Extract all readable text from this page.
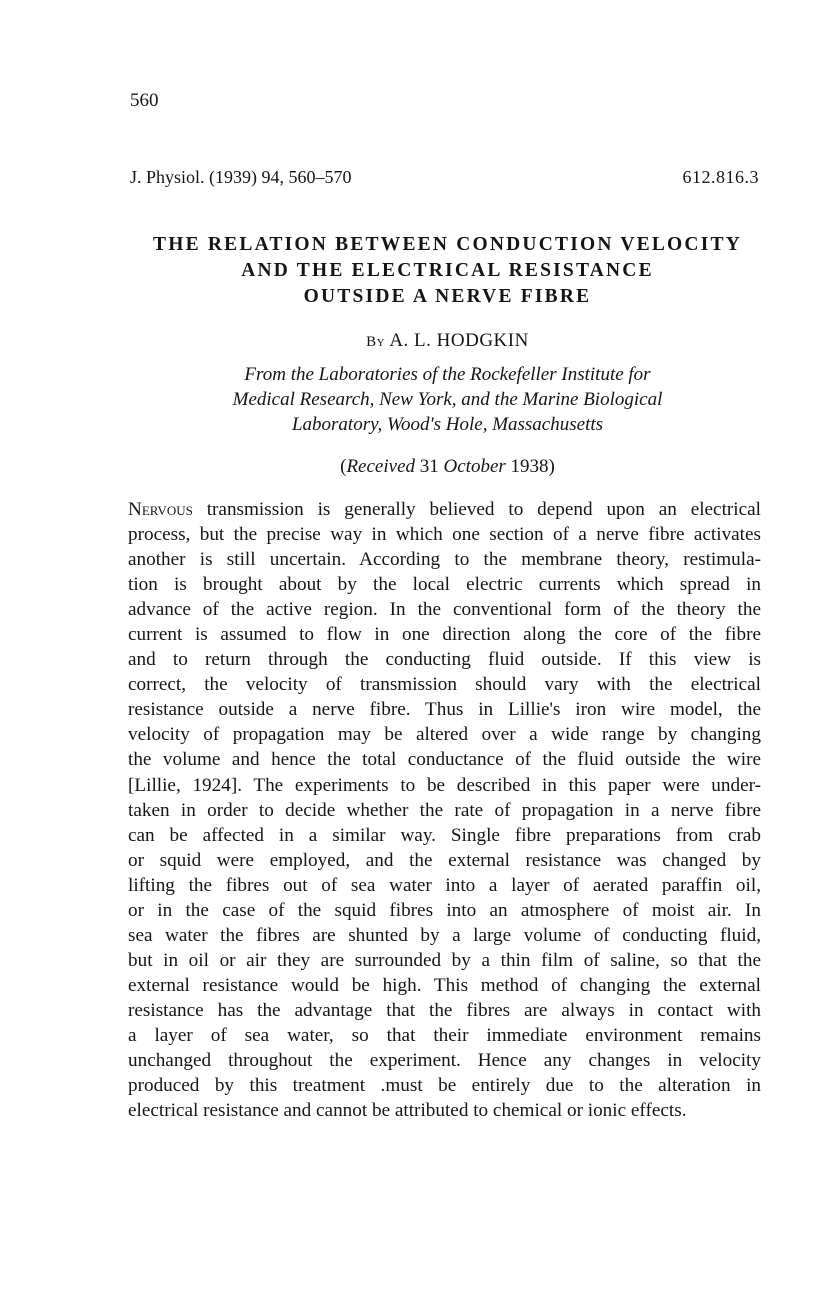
560
J. Physiol. (1939) 94, 560–570	612.816.3
THE RELATION BETWEEN CONDUCTION VELOCITY
AND THE ELECTRICAL RESISTANCE
OUTSIDE A NERVE FIBRE
By A. L. HODGKIN
From the Laboratories of the Rockefeller Institute for
Medical Research, New York, and the Marine Biological
Laboratory, Wood's Hole, Massachusetts
(Received 31 October 1938)
Nervous transmission is generally believed to depend upon an electrical
process, but the precise way in which one section of a nerve fibre activates
another is still uncertain. According to the membrane theory, restimula-
tion is brought about by the local electric currents which spread in
advance of the active region. In the conventional form of the theory the
current is assumed to flow in one direction along the core of the fibre
and to return through the conducting fluid outside. If this view is
correct, the velocity of transmission should vary with the electrical
resistance outside a nerve fibre. Thus in Lillie's iron wire model, the
velocity of propagation may be altered over a wide range by changing
the volume and hence the total conductance of the fluid outside the wire
[Lillie, 1924]. The experiments to be described in this paper were under-
taken in order to decide whether the rate of propagation in a nerve fibre
can be affected in a similar way. Single fibre preparations from crab
or squid were employed, and the external resistance was changed by
lifting the fibres out of sea water into a layer of aerated paraffin oil,
or in the case of the squid fibres into an atmosphere of moist air. In
sea water the fibres are shunted by a large volume of conducting fluid,
but in oil or air they are surrounded by a thin film of saline, so that the
external resistance would be high. This method of changing the external
resistance has the advantage that the fibres are always in contact with
a layer of sea water, so that their immediate environment remains
unchanged throughout the experiment. Hence any changes in velocity
produced by this treatment .must be entirely due to the alteration in
electrical resistance and cannot be attributed to chemical or ionic effects.
